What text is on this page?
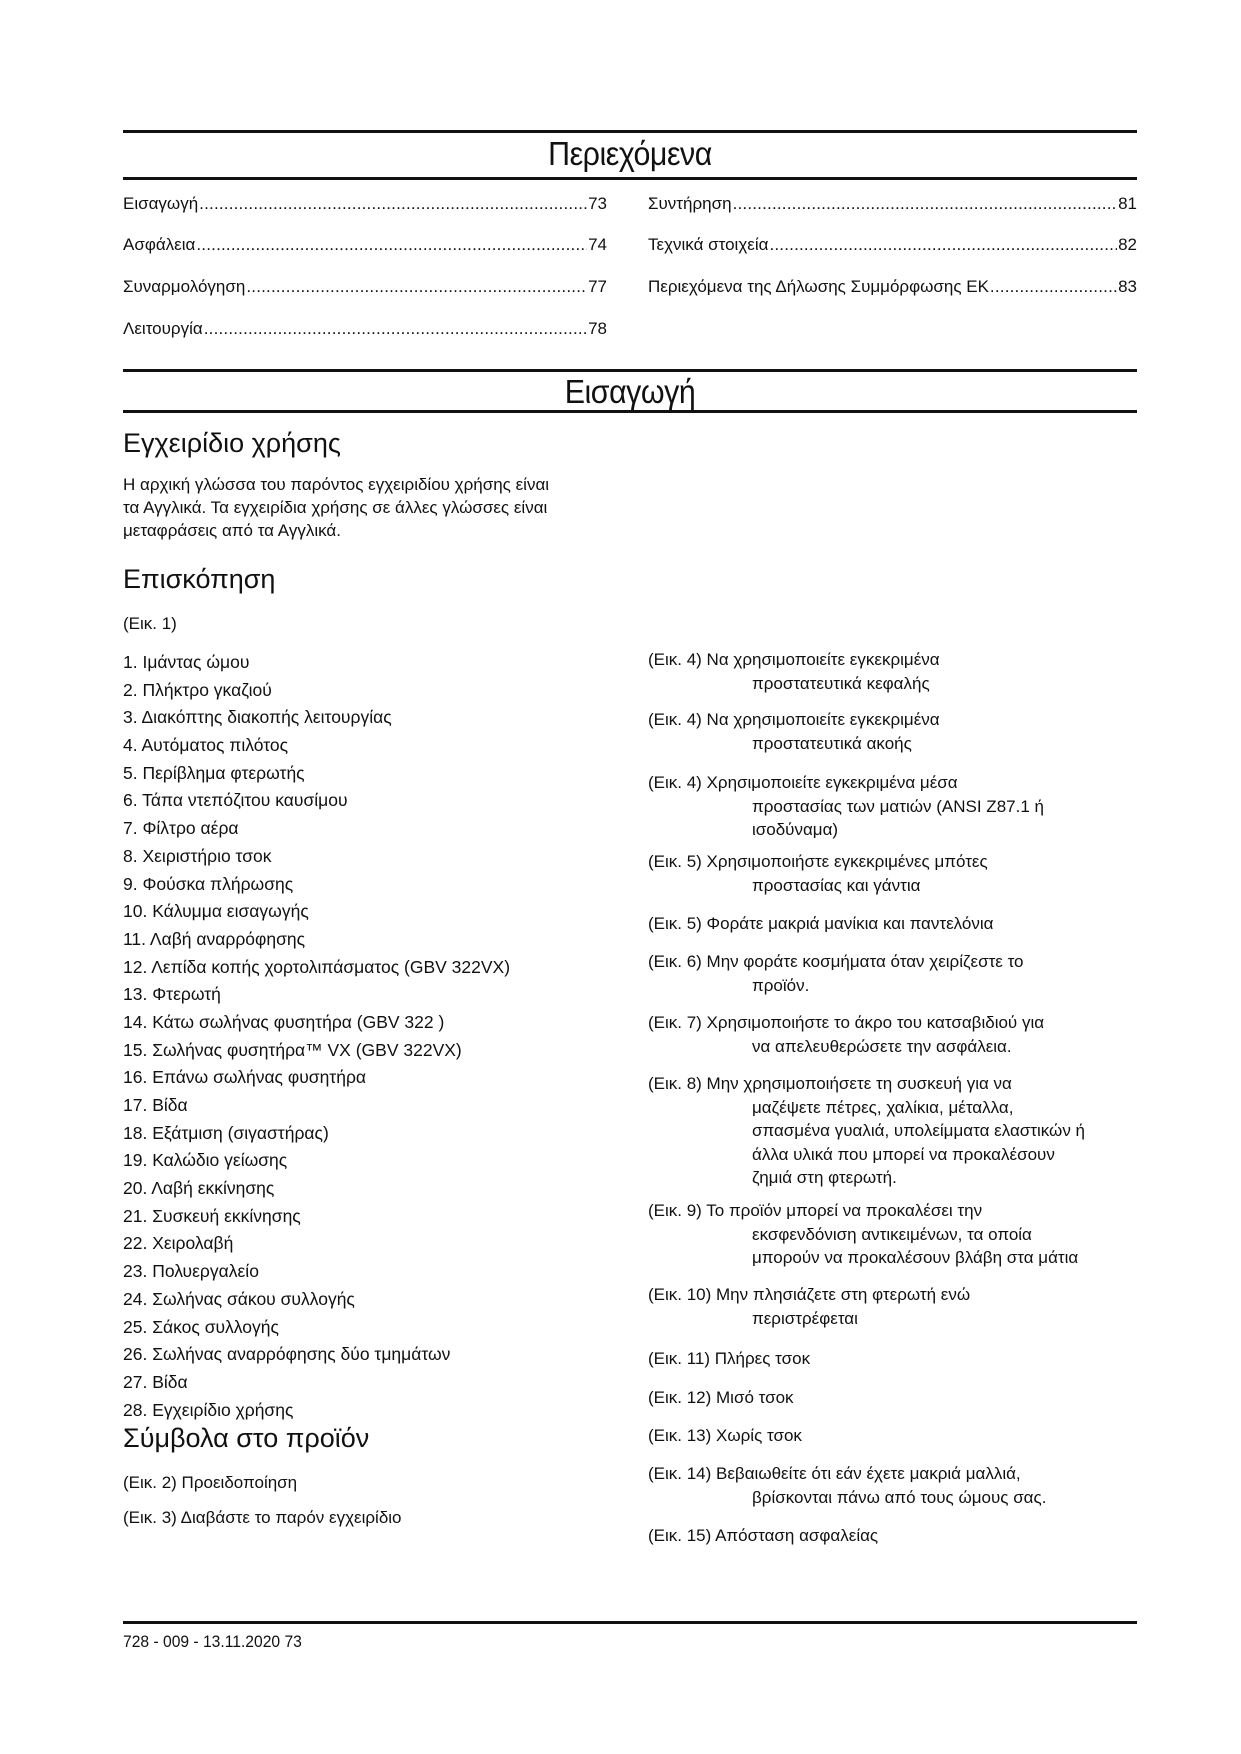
Περιεχόμενα
Εισαγωγή .....	73
Ασφάλεια .....	74
Συναρμολόγηση .....	77
Λειτουργία .....	78
Συντήρηση .....	81
Τεχνικά στοιχεία .....	82
Περιεχόμενα της Δήλωσης Συμμόρφωσης ΕΚ .....	83
Εισαγωγή
Εγχειρίδιο χρήσης
Η αρχική γλώσσα του παρόντος εγχειριδίου χρήσης είναι
τα Αγγλικά. Τα εγχειρίδια χρήσης σε άλλες γλώσσες είναι
μεταφράσεις από τα Αγγλικά.
Επισκόπηση
(Εικ. 1)
1. Ιμάντας ώμου
2. Πλήκτρο γκαζιού
3. Διακόπτης διακοπής λειτουργίας
4. Αυτόματος πιλότος
5. Περίβλημα φτερωτής
6. Τάπα ντεπόζιτου καυσίμου
7. Φίλτρο αέρα
8. Χειριστήριο τσοκ
9. Φούσκα πλήρωσης
10. Κάλυμμα εισαγωγής
11. Λαβή αναρρόφησης
12. Λεπίδα κοπής χορτολιπάσματος (GBV 322VX)
13. Φτερωτή
14. Κάτω σωλήνας φυσητήρα (GBV 322 )
15. Σωλήνας φυσητήρα™ VX (GBV 322VX)
16. Επάνω σωλήνας φυσητήρα
17. Βίδα
18. Εξάτμιση (σιγαστήρας)
19. Καλώδιο γείωσης
20. Λαβή εκκίνησης
21. Συσκευή εκκίνησης
22. Χειρολαβή
23. Πολυεργαλείο
24. Σωλήνας σάκου συλλογής
25. Σάκος συλλογής
26. Σωλήνας αναρρόφησης δύο τμημάτων
27. Βίδα
28. Εγχειρίδιο χρήσης
Σύμβολα στο προϊόν
(Εικ. 2) Προειδοποίηση
(Εικ. 3) Διαβάστε το παρόν εγχειρίδιο
(Εικ. 4) Να χρησιμοποιείτε εγκεκριμένα
προστατευτικά κεφαλής
(Εικ. 4) Να χρησιμοποιείτε εγκεκριμένα
προστατευτικά ακοής
(Εικ. 4) Χρησιμοποιείτε εγκεκριμένα μέσα
προστασίας των ματιών (ANSI Z87.1 ή
ισοδύναμα)
(Εικ. 5) Χρησιμοποιήστε εγκεκριμένες μπότες
προστασίας και γάντια
(Εικ. 5) Φοράτε μακριά μανίκια και παντελόνια
(Εικ. 6) Μην φοράτε κοσμήματα όταν χειρίζεστε το
προϊόν.
(Εικ. 7) Χρησιμοποιήστε το άκρο του κατσαβιδιού για
να απελευθερώσετε την ασφάλεια.
(Εικ. 8) Μην χρησιμοποιήσετε τη συσκευή για να
μαζέψετε πέτρες, χαλίκια, μέταλλα,
σπασμένα γυαλιά, υπολείμματα ελαστικών ή
άλλα υλικά που μπορεί να προκαλέσουν
ζημιά στη φτερωτή.
(Εικ. 9) Το προϊόν μπορεί να προκαλέσει την
εκσφενδόνιση αντικειμένων, τα οποία
μπορούν να προκαλέσουν βλάβη στα μάτια
(Εικ. 10) Μην πλησιάζετε στη φτερωτή ενώ
περιστρέφεται
(Εικ. 11) Πλήρες τσοκ
(Εικ. 12) Μισό τσοκ
(Εικ. 13) Χωρίς τσοκ
(Εικ. 14) Βεβαιωθείτε ότι εάν έχετε μακριά μαλλιά,
βρίσκονται πάνω από τους ώμους σας.
(Εικ. 15) Απόσταση ασφαλείας
728 - 009 - 13.11.2020 73
